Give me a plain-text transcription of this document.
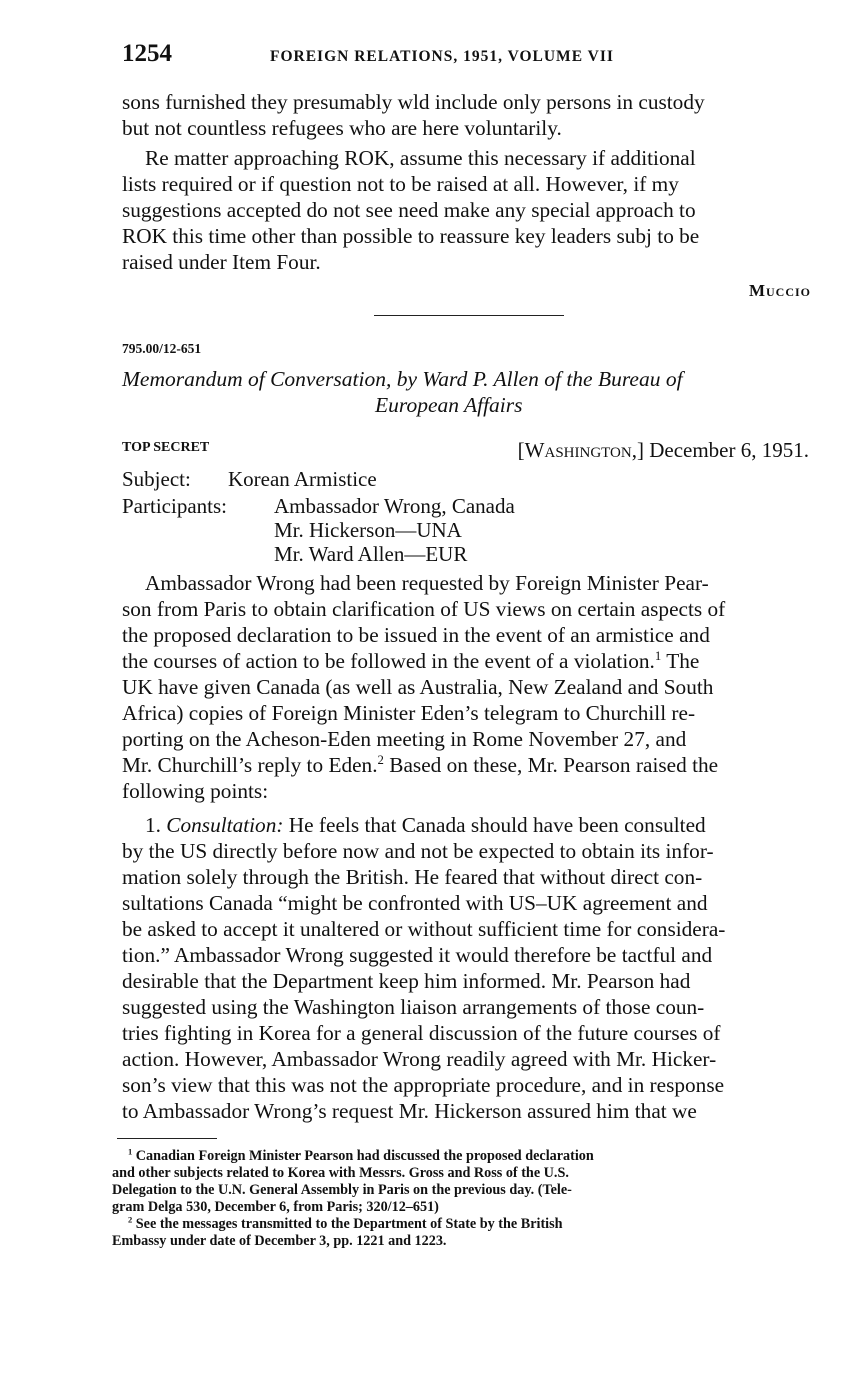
1254	FOREIGN RELATIONS, 1951, VOLUME VII
sons furnished they presumably wld include only persons in custody
but not countless refugees who are here voluntarily.
Re matter approaching ROK, assume this necessary if additional
lists required or if question not to be raised at all. However, if my
suggestions accepted do not see need make any special approach to
ROK this time other than possible to reassure key leaders subj to be
raised under Item Four.
Muccio
795.00/12-651
Memorandum of Conversation, by Ward P. Allen of the Bureau of
European Affairs
TOP SECRET	[Washington,] December 6, 1951.
Subject: Korean Armistice
Participants: Ambassador Wrong, Canada
Mr. Hickerson—UNA
Mr. Ward Allen—EUR
Ambassador Wrong had been requested by Foreign Minister Pear-
son from Paris to obtain clarification of US views on certain aspects of
the proposed declaration to be issued in the event of an armistice and
the courses of action to be followed in the event of a violation.$^1$ The
UK have given Canada (as well as Australia, New Zealand and South
Africa) copies of Foreign Minister Eden’s telegram to Churchill re-
porting on the Acheson-Eden meeting in Rome November 27, and
Mr. Churchill’s reply to Eden.$^2$ Based on these, Mr. Pearson raised the
following points:
1. Consultation: He feels that Canada should have been consulted
by the US directly before now and not be expected to obtain its infor-
mation solely through the British. He feared that without direct con-
sultations Canada “might be confronted with US–UK agreement and
be asked to accept it unaltered or without sufficient time for considera-
tion.” Ambassador Wrong suggested it would therefore be tactful and
desirable that the Department keep him informed. Mr. Pearson had
suggested using the Washington liaison arrangements of those coun-
tries fighting in Korea for a general discussion of the future courses of
action. However, Ambassador Wrong readily agreed with Mr. Hicker-
son’s view that this was not the appropriate procedure, and in response
to Ambassador Wrong’s request Mr. Hickerson assured him that we
$^1$ Canadian Foreign Minister Pearson had discussed the proposed declaration
and other subjects related to Korea with Messrs. Gross and Ross of the U.S.
Delegation to the U.N. General Assembly in Paris on the previous day. (Tele-
gram Delga 530, December 6, from Paris; 320/12–651)
$^2$ See the messages transmitted to the Department of State by the British
Embassy under date of December 3, pp. 1221 and 1223.
